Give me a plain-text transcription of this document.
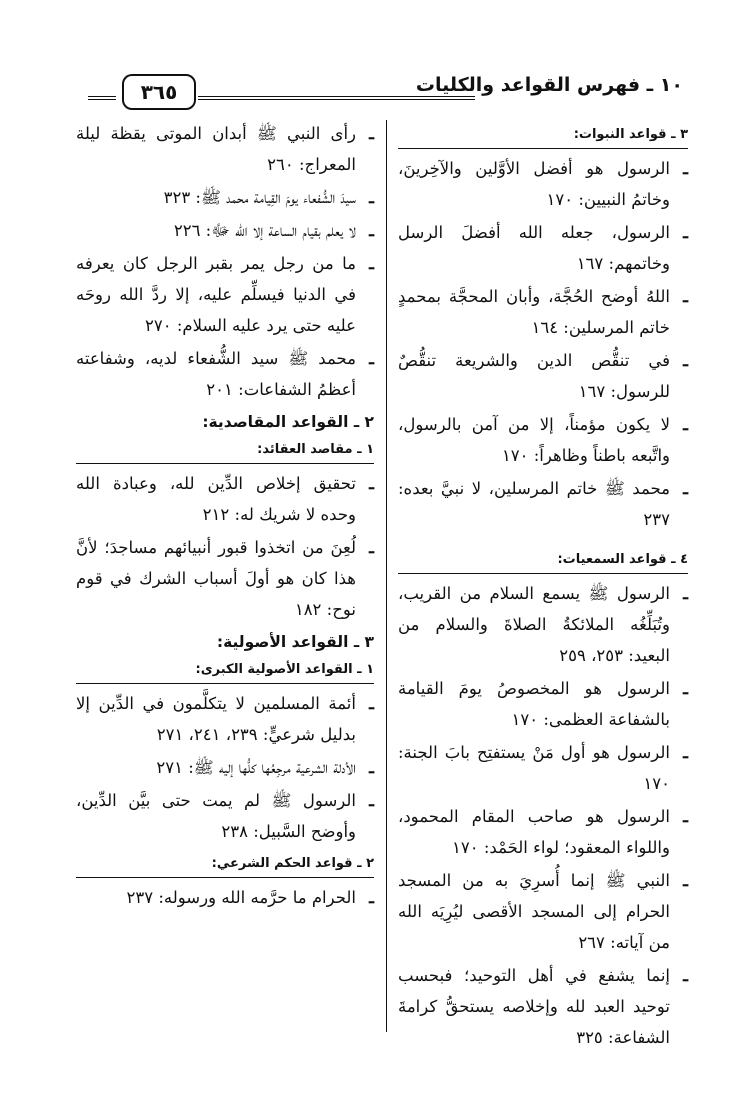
١٠ ـ فهرس القواعد والكليات
٣٦٥
٣ ـ قواعد النبوات:
ـ
الرسول هو أفضل الأوَّلين والآخِرينَ، وخاتمُ النبيين: ١٧٠
ـ
الرسول، جعله الله أفضلَ الرسل وخاتمهم: ١٦٧
ـ
اللهُ أوضح الحُجَّة، وأبان المحجَّة بمحمدٍ خاتم المرسلين: ١٦٤
ـ
في تنقُّص الدين والشريعة تنقُّصٌ للرسول: ١٦٧
ـ
لا يكون مؤمناً، إلا من آمن بالرسول، واتَّبعه باطناً وظاهراً: ١٧٠
ـ
محمد ﷺ خاتم المرسلين، لا نبيَّ بعده: ٢٣٧
٤ ـ قواعد السمعيات:
ـ
الرسول ﷺ يسمع السلام من القريب، وتُبَلِّغُه الملائكةُ الصلاةَ والسلام من البعيد: ٢٥٣، ٢٥٩
ـ
الرسول هو المخصوصُ يومَ القيامة بالشفاعة العظمى: ١٧٠
ـ
الرسول هو أول مَنْ يستفتِح بابَ الجنة: ١٧٠
ـ
الرسول هو صاحب المقام المحمود، واللواء المعقود؛ لواء الحَمْد: ١٧٠
ـ
النبي ﷺ إنما أُسرِيَ به من المسجد الحرام إلى المسجد الأقصى ليُرِيَه الله من آياته: ٢٦٧
ـ
إنما يشفع في أهل التوحيد؛ فبحسب توحيد العبد لله وإخلاصه يستحقُّ كرامةَ الشفاعة: ٣٢٥
ـ
رأى النبي ﷺ أبدان الموتى يقظة ليلة المعراج: ٢٦٠
ـ
سيدَ الشُّفعاء يومَ القِيامة محمد ﷺ: ٣٢٣
ـ
لا يعلم بقيام الساعة إلا الله ﷻ: ٢٢٦
ـ
ما من رجل يمر بقبر الرجل كان يعرفه في الدنيا فيسلِّم عليه، إلا ردَّ الله روحَه عليه حتى يرد عليه السلام: ٢٧٠
ـ
محمد ﷺ سيد الشُّفعاء لديه، وشفاعته أعظمُ الشفاعات: ٢٠١
٢ ـ القواعد المقاصدية:
١ ـ مقاصد العقائد:
ـ
تحقيق إخلاص الدِّين لله، وعبادة الله وحده لا شريك له: ٢١٢
ـ
لُعِنَ من اتخذوا قبور أنبيائهم مساجدَ؛ لأنَّ هذا كان هو أولَ أسباب الشرك في قوم نوح: ١٨٢
٣ ـ القواعد الأصولية:
١ ـ القواعد الأصولية الكبرى:
ـ
أئمة المسلمين لا يتكلَّمون في الدِّين إلا بدليل شرعيٍّ: ٢٣٩، ٢٤١، ٢٧١
ـ
الأدلة الشرعية مرجِعُها كلُّها إليه ﷺ: ٢٧١
ـ
الرسول ﷺ لم يمت حتى بيَّن الدِّين، وأوضح السَّبيل: ٢٣٨
٢ ـ قواعد الحكم الشرعي:
ـ
الحرام ما حرَّمه الله ورسوله: ٢٣٧
